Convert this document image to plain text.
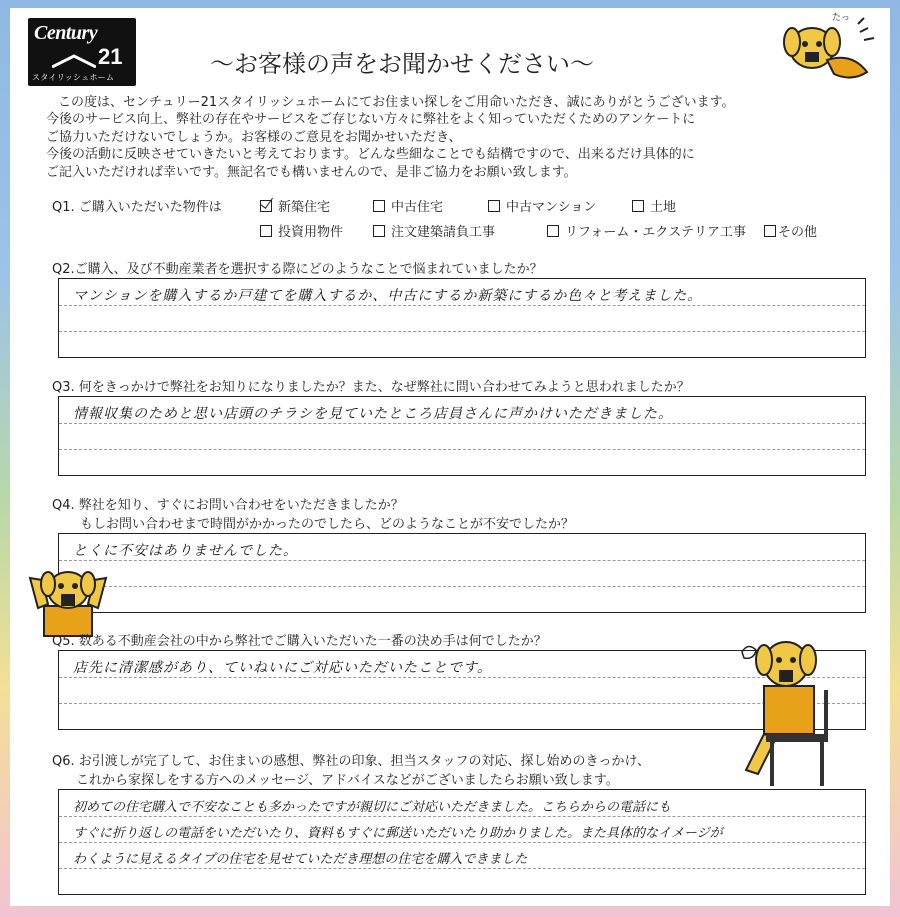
Century
21
スタイリッシュホーム	～お客様の声をお聞かせください～
たっ

この度は、センチュリー21スタイリッシュホームにてお住まい探しをご用命いただき、誠にありがとうございます。

今後のサービス向上、弊社の存在やサービスをご存じない方々に弊社をよく知っていただくためのアンケートに

ご協力いただけないでしょうか。お客様のご意見をお聞かせいただき、

今後の活動に反映させていきたいと考えております。どんな些細なことでも結構ですので、出来るだけ具体的に

ご記入いただければ幸いです。無記名でも構いませんので、是非ご協力をお願い致します。

Q1. ご購入いただいた物件は	新築住宅	中古住宅	中古マンション	土地
投資用物件	注文建築請負工事	リフォーム・エクステリア工事	その他
Q2.ご購入、及び不動産業者を選択する際にどのようなことで悩まれていましたか？
マンションを購入するか戸建てを購入するか、中古にするか新築にするか色々と考えました。
Q3. 何をきっかけで弊社をお知りになりましたか？また、なぜ弊社に問い合わせてみようと思われましたか？
情報収集のためと思い店頭のチラシを見ていたところ店員さんに声かけいただきました。
Q4. 弊社を知り、すぐにお問い合わせをいただきましたか？
もしお問い合わせまで時間がかかったのでしたら、どのようなことが不安でしたか？
とくに不安はありませんでした。
Q5. 数ある不動産会社の中から弊社でご購入いただいた一番の決め手は何でしたか？
店先に清潔感があり、ていねいにご対応いただいたことです。
Q6. お引渡しが完了して、お住まいの感想、弊社の印象、担当スタッフの対応、探し始めのきっかけ、
これから家探しをする方へのメッセージ、アドバイスなどがございましたらお願い致します。
初めての住宅購入で不安なことも多かったですが親切にご対応いただきました。こちらからの電話にも
すぐに折り返しの電話をいただいたり、資料もすぐに郵送いただいたり助かりました。また具体的なイメージが
わくように見えるタイプの住宅を見せていただき理想の住宅を購入できました
